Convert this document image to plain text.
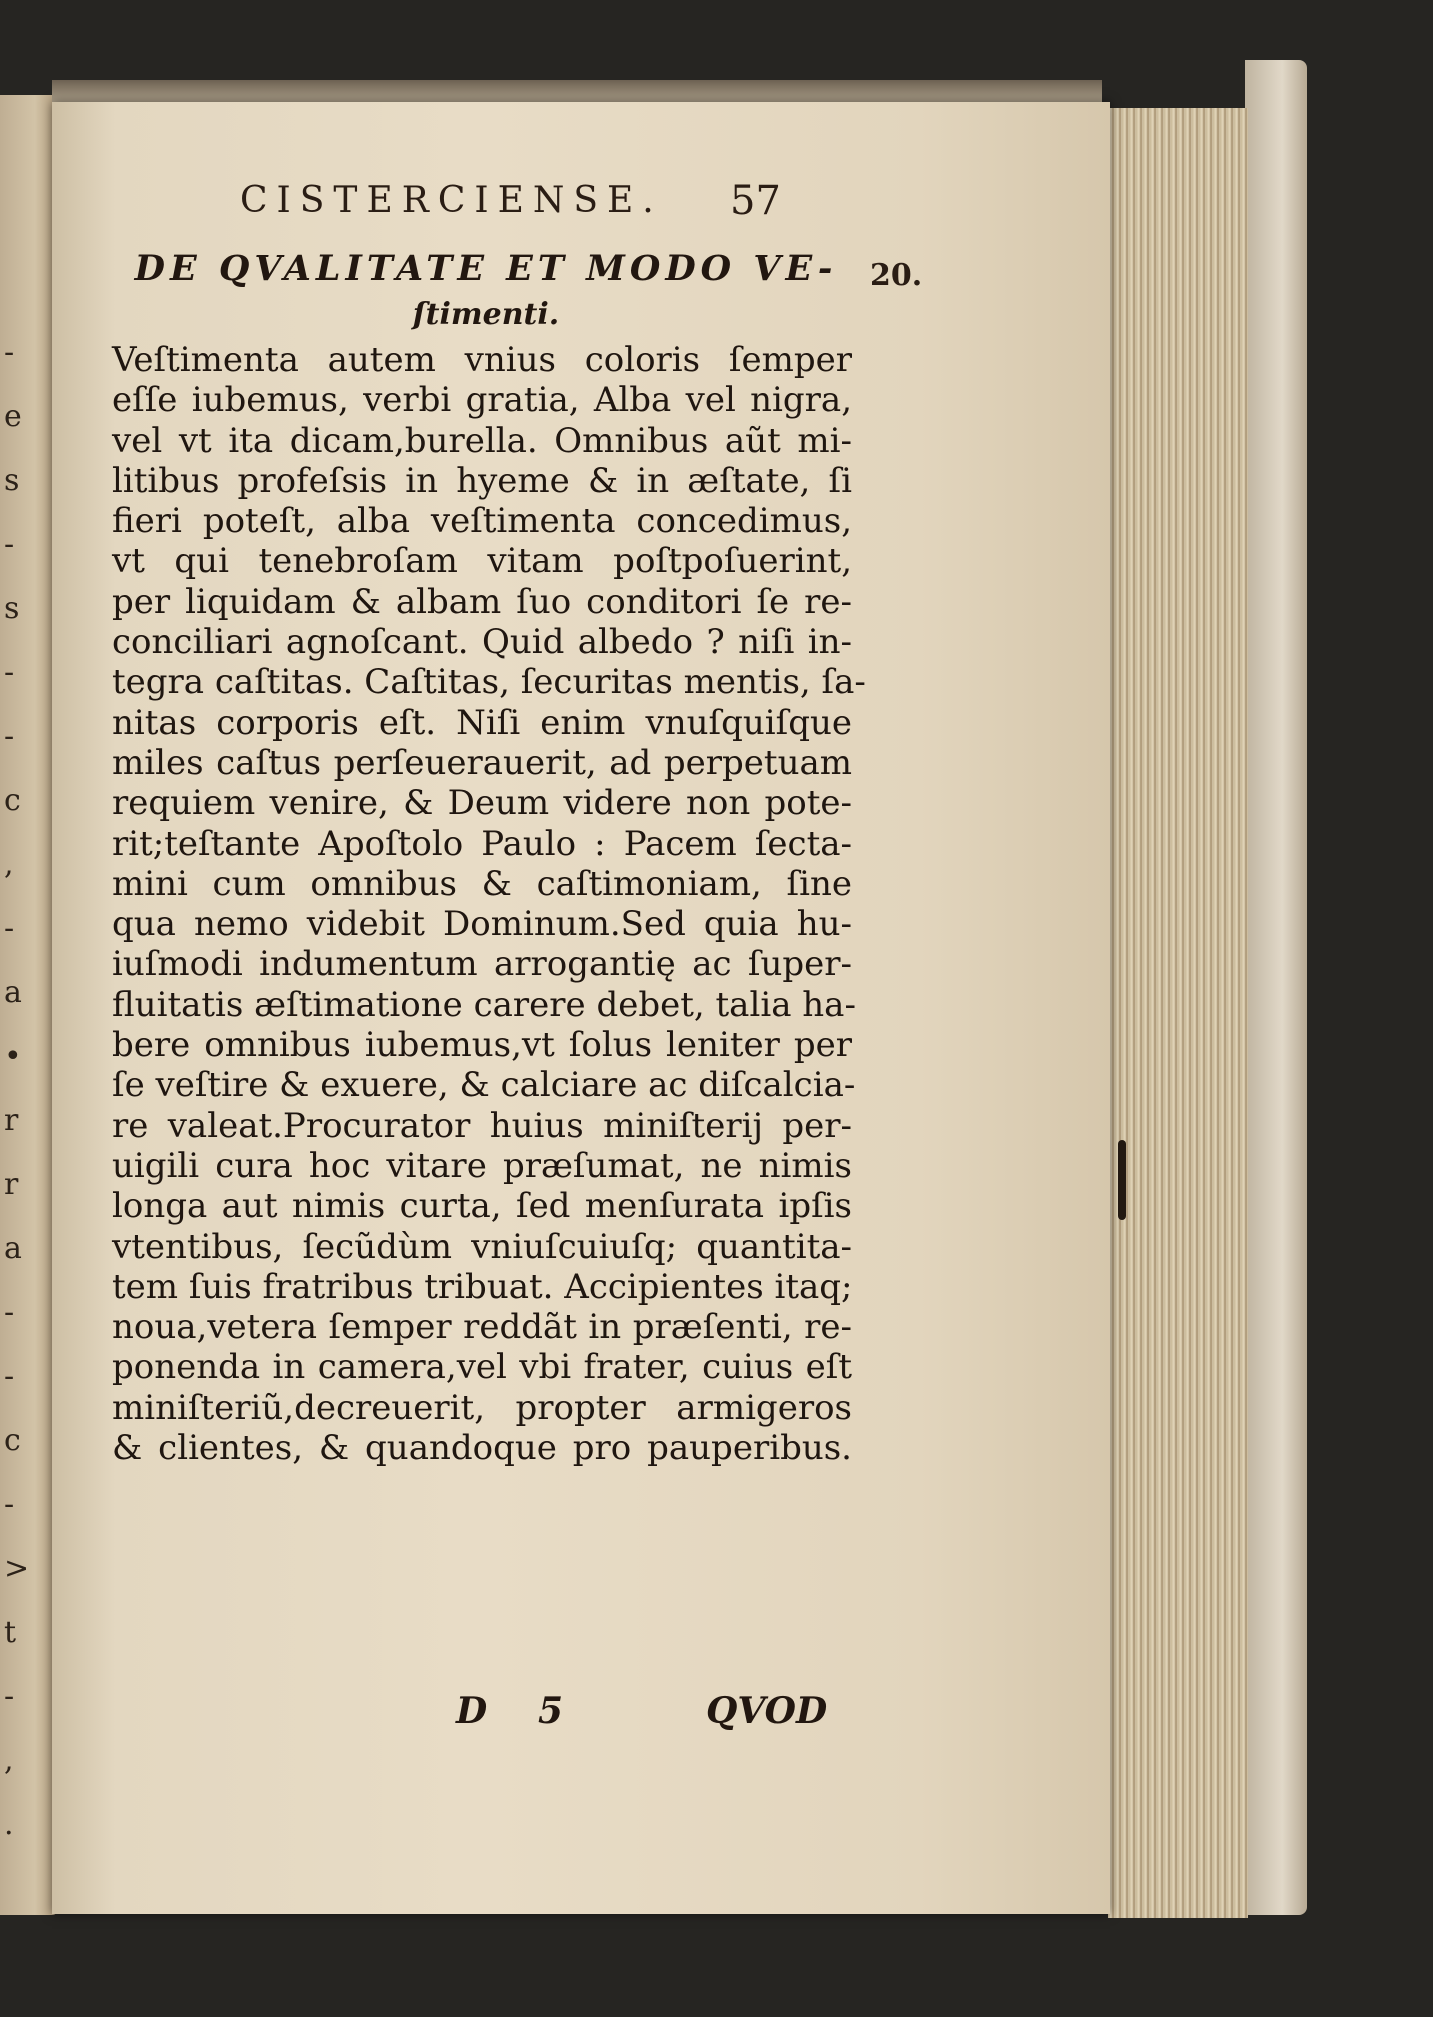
-
e
s
-
s
-
-
c
,
-
a
•
r
r
a
-
-
c
-
>
t
-
,
.
CISTERCIENSE. 57
DE QVALITATE ET MODO VE-
ſtimenti.
20.
Veſtimenta autem vnius coloris ſemper
eſſe iubemus, verbi gratia, Alba vel nigra,
vel vt ita dicam,burella. Omnibus aũt mi-
litibus profeſsis in hyeme & in æſtate, ſi
fieri poteſt, alba veſtimenta concedimus,
vt qui tenebroſam vitam poſtpoſuerint,
per liquidam & albam ſuo conditori ſe re-
conciliari agnoſcant. Quid albedo ? niſi in-
tegra caſtitas. Caſtitas, ſecuritas mentis, ſa-
nitas corporis eſt. Niſi enim vnuſquiſque
miles caſtus perſeuerauerit, ad perpetuam
requiem venire, & Deum videre non pote-
rit;teſtante Apoſtolo Paulo : Pacem ſecta-
mini cum omnibus & caſtimoniam, ſine
qua nemo videbit Dominum.Sed quia hu-
iuſmodi indumentum arrogantię ac ſuper-
fluitatis æſtimatione carere debet, talia ha-
bere omnibus iubemus,vt ſolus leniter per
ſe veſtire & exuere, & calciare ac diſcalcia-
re valeat.Procurator huius miniſterij per-
uigili cura hoc vitare præſumat, ne nimis
longa aut nimis curta, ſed menſurata ipſis
vtentibus, ſecũdùm vniuſcuiuſq; quantita-
tem ſuis fratribus tribuat. Accipientes itaq;
noua,vetera ſemper reddãt in præſenti, re-
ponenda in camera,vel vbi frater, cuius eſt
miniſteriũ,decreuerit, propter armigeros
& clientes, & quandoque pro pauperibus.
D 5	QVOD
